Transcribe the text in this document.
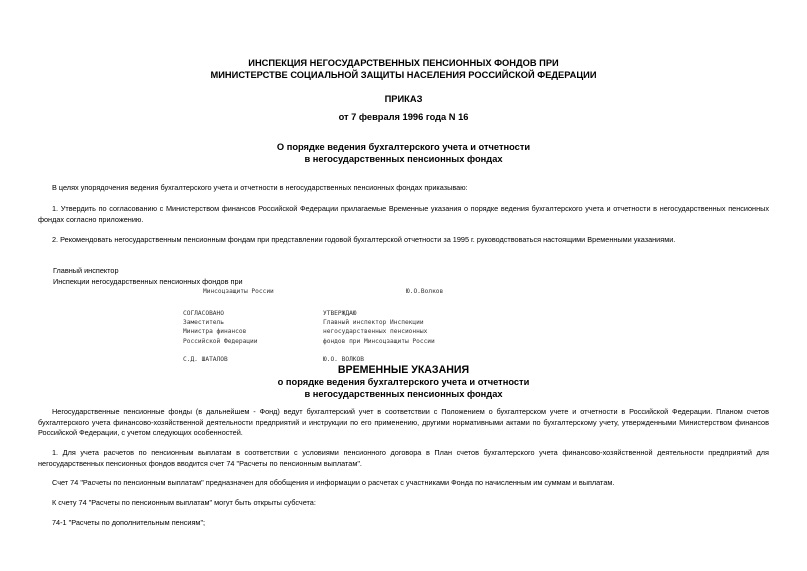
ИНСПЕКЦИЯ НЕГОСУДАРСТВЕННЫХ ПЕНСИОННЫХ ФОНДОВ ПРИ
МИНИСТЕРСТВЕ СОЦИАЛЬНОЙ ЗАЩИТЫ НАСЕЛЕНИЯ РОССИЙСКОЙ ФЕДЕРАЦИИ
ПРИКАЗ
от 7 февраля 1996 года N 16
О порядке ведения бухгалтерского учета и отчетности
в негосударственных пенсионных фондах
В целях упорядочения ведения бухгалтерского учета и отчетности в негосударственных пенсионных фондах приказываю:
1. Утвердить по согласованию с Министерством финансов Российской Федерации прилагаемые Временные указания о порядке ведения бухгалтерского учета и отчетности в негосударственных пенсионных фондах согласно приложению.
2. Рекомендовать негосударственным пенсионным фондам при представлении годовой бухгалтерской отчетности за 1995 г. руководствоваться настоящими Временными указаниями.
Главный инспектор
Инспекции негосударственных пенсионных фондов при
Минсоцзащиты России	Ю.О.Волков
СОГЛАСОВАНО
Заместитель
Министра финансов
Российской Федерации
С.Д. ШАТАЛОВ
УТВЕРЖДАЮ
Главный инспектор Инспекции
негосударственных пенсионных
фондов при Минсоцзащиты России
Ю.О. ВОЛКОВ
ВРЕМЕННЫЕ УКАЗАНИЯ
о порядке ведения бухгалтерского учета и отчетности
в негосударственных пенсионных фондах
Негосударственные пенсионные фонды (в дальнейшем - Фонд) ведут бухгалтерский учет в соответствии с Положением о бухгалтерском учете и отчетности в Российской Федерации. Планом счетов бухгалтерского учета финансово-хозяйственной деятельности предприятий и инструкции по его применению, другими нормативными актами по бухгалтерскому учету, утвержденными Министерством финансов Российской Федерации, с учетом следующих особенностей.
1. Для учета расчетов по пенсионным выплатам в соответствии с условиями пенсионного договора в План счетов бухгалтерского учета финансово-хозяйственной деятельности предприятий для негосударственных пенсионных фондов вводится счет 74 "Расчеты по пенсионным выплатам".
Счет 74 "Расчеты по пенсионным выплатам" предназначен для обобщения и информации о расчетах с участниками Фонда по начисленным им суммам и выплатам.
К счету 74 "Расчеты по пенсионным выплатам" могут быть открыты субсчета:
74-1 "Расчеты по дополнительным пенсиям";
